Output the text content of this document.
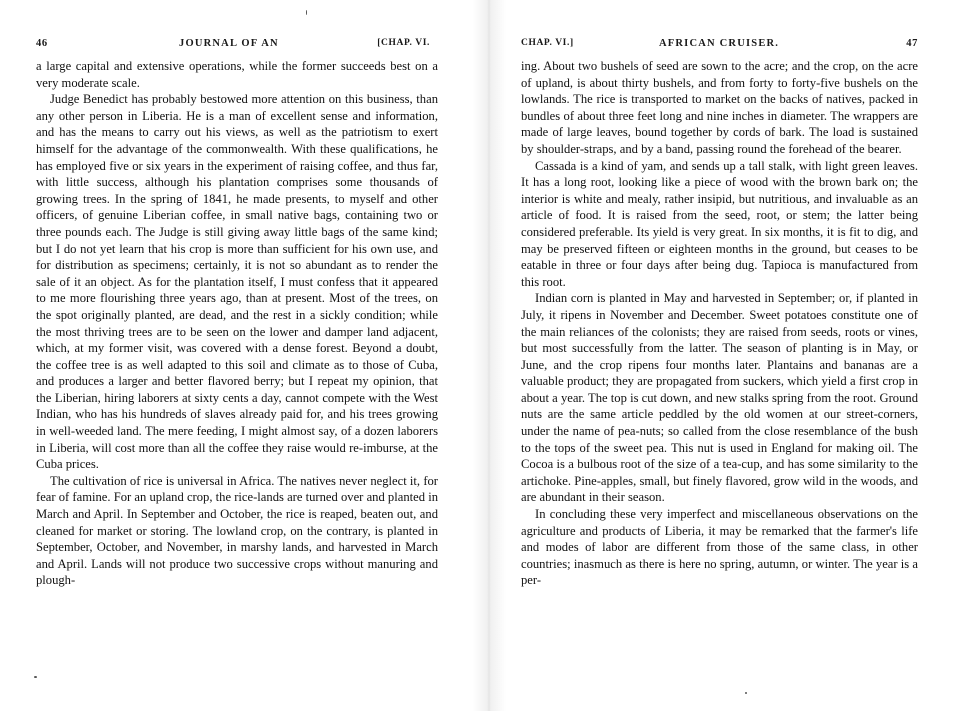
46	JOURNAL OF AN	[CHAP. VI.

a large capital and extensive operations, while the former succeeds best on a very moderate scale.

Judge Benedict has probably bestowed more attention on this business, than any other person in Liberia. He is a man of excellent sense and information, and has the means to carry out his views, as well as the patriotism to exert himself for the advantage of the commonwealth. With these qualifications, he has employed five or six years in the experiment of raising coffee, and thus far, with little success, although his plantation comprises some thousands of growing trees. In the spring of 1841, he made presents, to myself and other officers, of genuine Liberian coffee, in small native bags, containing two or three pounds each. The Judge is still giving away little bags of the same kind; but I do not yet learn that his crop is more than sufficient for his own use, and for distribution as specimens; certainly, it is not so abundant as to render the sale of it an object. As for the plantation itself, I must confess that it appeared to me more flourishing three years ago, than at present. Most of the trees, on the spot originally planted, are dead, and the rest in a sickly condition; while the most thriving trees are to be seen on the lower and damper land adjacent, which, at my former visit, was covered with a dense forest. Beyond a doubt, the coffee tree is as well adapted to this soil and climate as to those of Cuba, and produces a larger and better flavored berry; but I repeat my opinion, that the Liberian, hiring laborers at sixty cents a day, cannot compete with the West Indian, who has his hundreds of slaves already paid for, and his trees growing in well-weeded land. The mere feeding, I might almost say, of a dozen laborers in Liberia, will cost more than all the coffee they raise would re-imburse, at the Cuba prices.

The cultivation of rice is universal in Africa. The natives never neglect it, for fear of famine. For an upland crop, the rice-lands are turned over and planted in March and April. In September and October, the rice is reaped, beaten out, and cleaned for market or storing. The lowland crop, on the contrary, is planted in September, October, and November, in marshy lands, and harvested in March and April. Lands will not produce two successive crops without manuring and plough-

CHAP. VI.]	AFRICAN CRUISER.	47

ing. About two bushels of seed are sown to the acre; and the crop, on the acre of upland, is about thirty bushels, and from forty to forty-five bushels on the lowlands. The rice is transported to market on the backs of natives, packed in bundles of about three feet long and nine inches in diameter. The wrappers are made of large leaves, bound together by cords of bark. The load is sustained by shoulder-straps, and by a band, passing round the forehead of the bearer.

Cassada is a kind of yam, and sends up a tall stalk, with light green leaves. It has a long root, looking like a piece of wood with the brown bark on; the interior is white and mealy, rather insipid, but nutritious, and invaluable as an article of food. It is raised from the seed, root, or stem; the latter being considered preferable. Its yield is very great. In six months, it is fit to dig, and may be preserved fifteen or eighteen months in the ground, but ceases to be eatable in three or four days after being dug. Tapioca is manufactured from this root.

Indian corn is planted in May and harvested in September; or, if planted in July, it ripens in November and December. Sweet potatoes constitute one of the main reliances of the colonists; they are raised from seeds, roots or vines, but most successfully from the latter. The season of planting is in May, or June, and the crop ripens four months later. Plantains and bananas are a valuable product; they are propagated from suckers, which yield a first crop in about a year. The top is cut down, and new stalks spring from the root. Ground nuts are the same article peddled by the old women at our street-corners, under the name of pea-nuts; so called from the close resemblance of the bush to the tops of the sweet pea. This nut is used in England for making oil. The Cocoa is a bulbous root of the size of a tea-cup, and has some similarity to the artichoke. Pine-apples, small, but finely flavored, grow wild in the woods, and are abundant in their season.

In concluding these very imperfect and miscellaneous observations on the agriculture and products of Liberia, it may be remarked that the farmer's life and modes of labor are different from those of the same class, in other countries; inasmuch as there is here no spring, autumn, or winter. The year is a per-
